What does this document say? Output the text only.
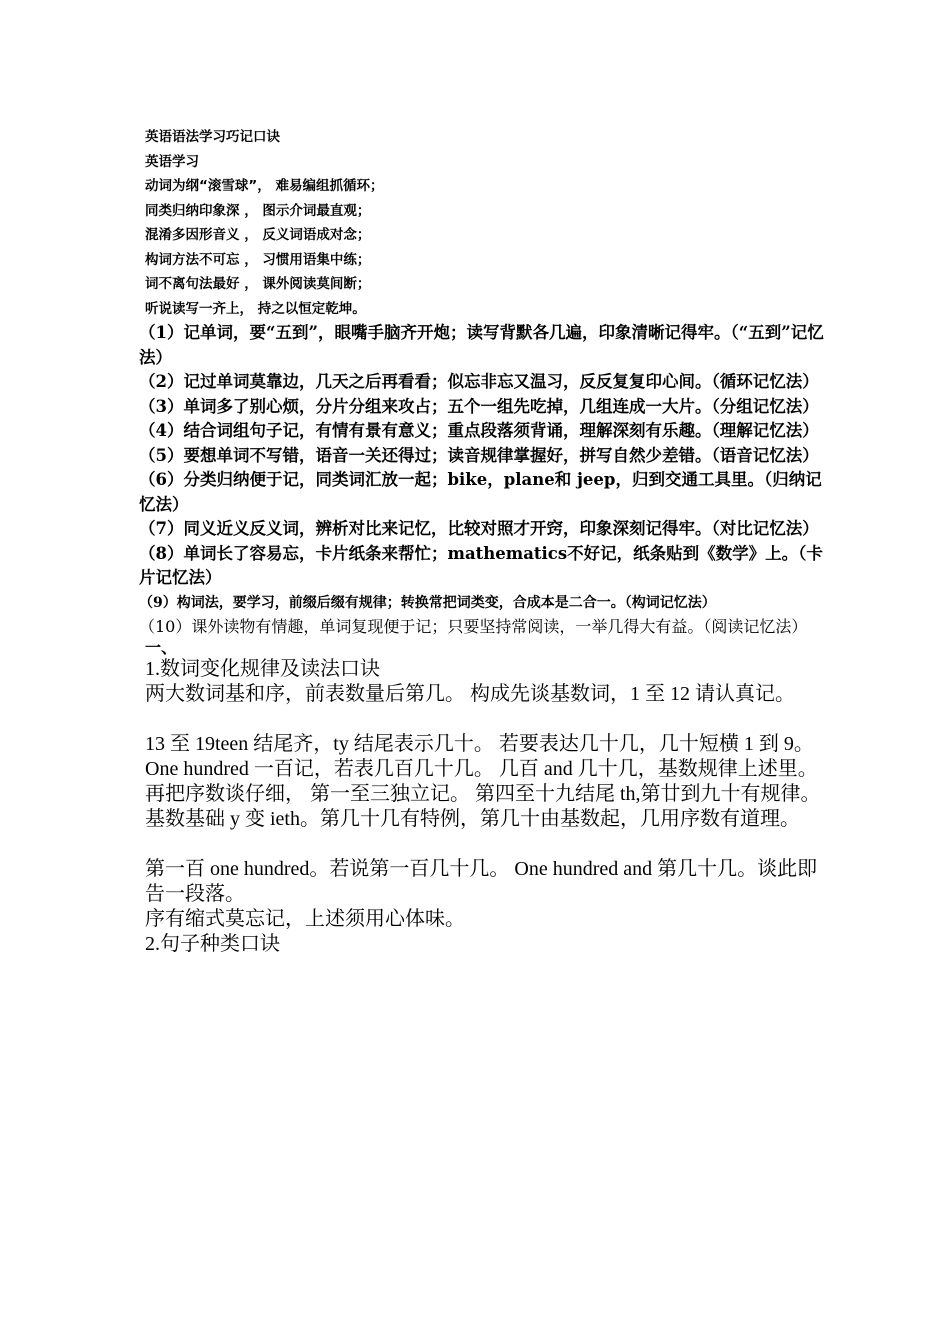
英语语法学习巧记口诀
英语学习
动词为纲“滚雪球”， 难易编组抓循环；
同类归纳印象深 ， 图示介词最直观；
混淆多因形音义 ， 反义词语成对念；
构词方法不可忘 ， 习惯用语集中练；
词不离句法最好 ， 课外阅读莫间断；
听说读写一齐上， 持之以恒定乾坤。
（1）记单词，要“五到”，眼嘴手脑齐开炮；读写背默各几遍，印象清晰记得牢。（“五到”记忆法）
（2）记过单词莫靠边，几天之后再看看；似忘非忘又温习，反反复复印心间。（循环记忆法）
（3）单词多了别心烦，分片分组来攻占；五个一组先吃掉，几组连成一大片。（分组记忆法）
（4）结合词组句子记，有情有景有意义；重点段落须背诵，理解深刻有乐趣。（理解记忆法）
（5）要想单词不写错，语音一关还得过；读音规律掌握好，拼写自然少差错。（语音记忆法）
（6）分类归纳便于记，同类词汇放一起；bike，plane和 jeep，归到交通工具里。（归纳记忆法）
（7）同义近义反义词，辨析对比来记忆，比较对照才开窍，印象深刻记得牢。（对比记忆法）
（8）单词长了容易忘，卡片纸条来帮忙；mathematics不好记，纸条贴到《数学》上。（卡片记忆法）
（9）构词法，要学习，前缀后缀有规律；转换常把词类变，合成本是二合一。（构词记忆法）
（10）课外读物有情趣，单词复现便于记；只要坚持常阅读，一举几得大有益。（阅读记忆法）
一、
1.数词变化规律及读法口诀
两大数词基和序，前表数量后第几。 构成先谈基数词，1 至 12 请认真记。
13 至 19teen 结尾齐，ty 结尾表示几十。 若要表达几十几，几十短横 1 到 9。
One hundred 一百记，若表几百几十几。 几百 and 几十几，基数规律上述里。
再把序数谈仔细， 第一至三独立记。 第四至十九结尾 th,第廿到九十有规律。
基数基础 y 变 ieth。第几十几有特例，第几十由基数起，几用序数有道理。
第一百 one hundred。若说第一百几十几。 One hundred and 第几十几。谈此即告一段落。
序有缩式莫忘记，上述须用心体味。
2.句子种类口诀
